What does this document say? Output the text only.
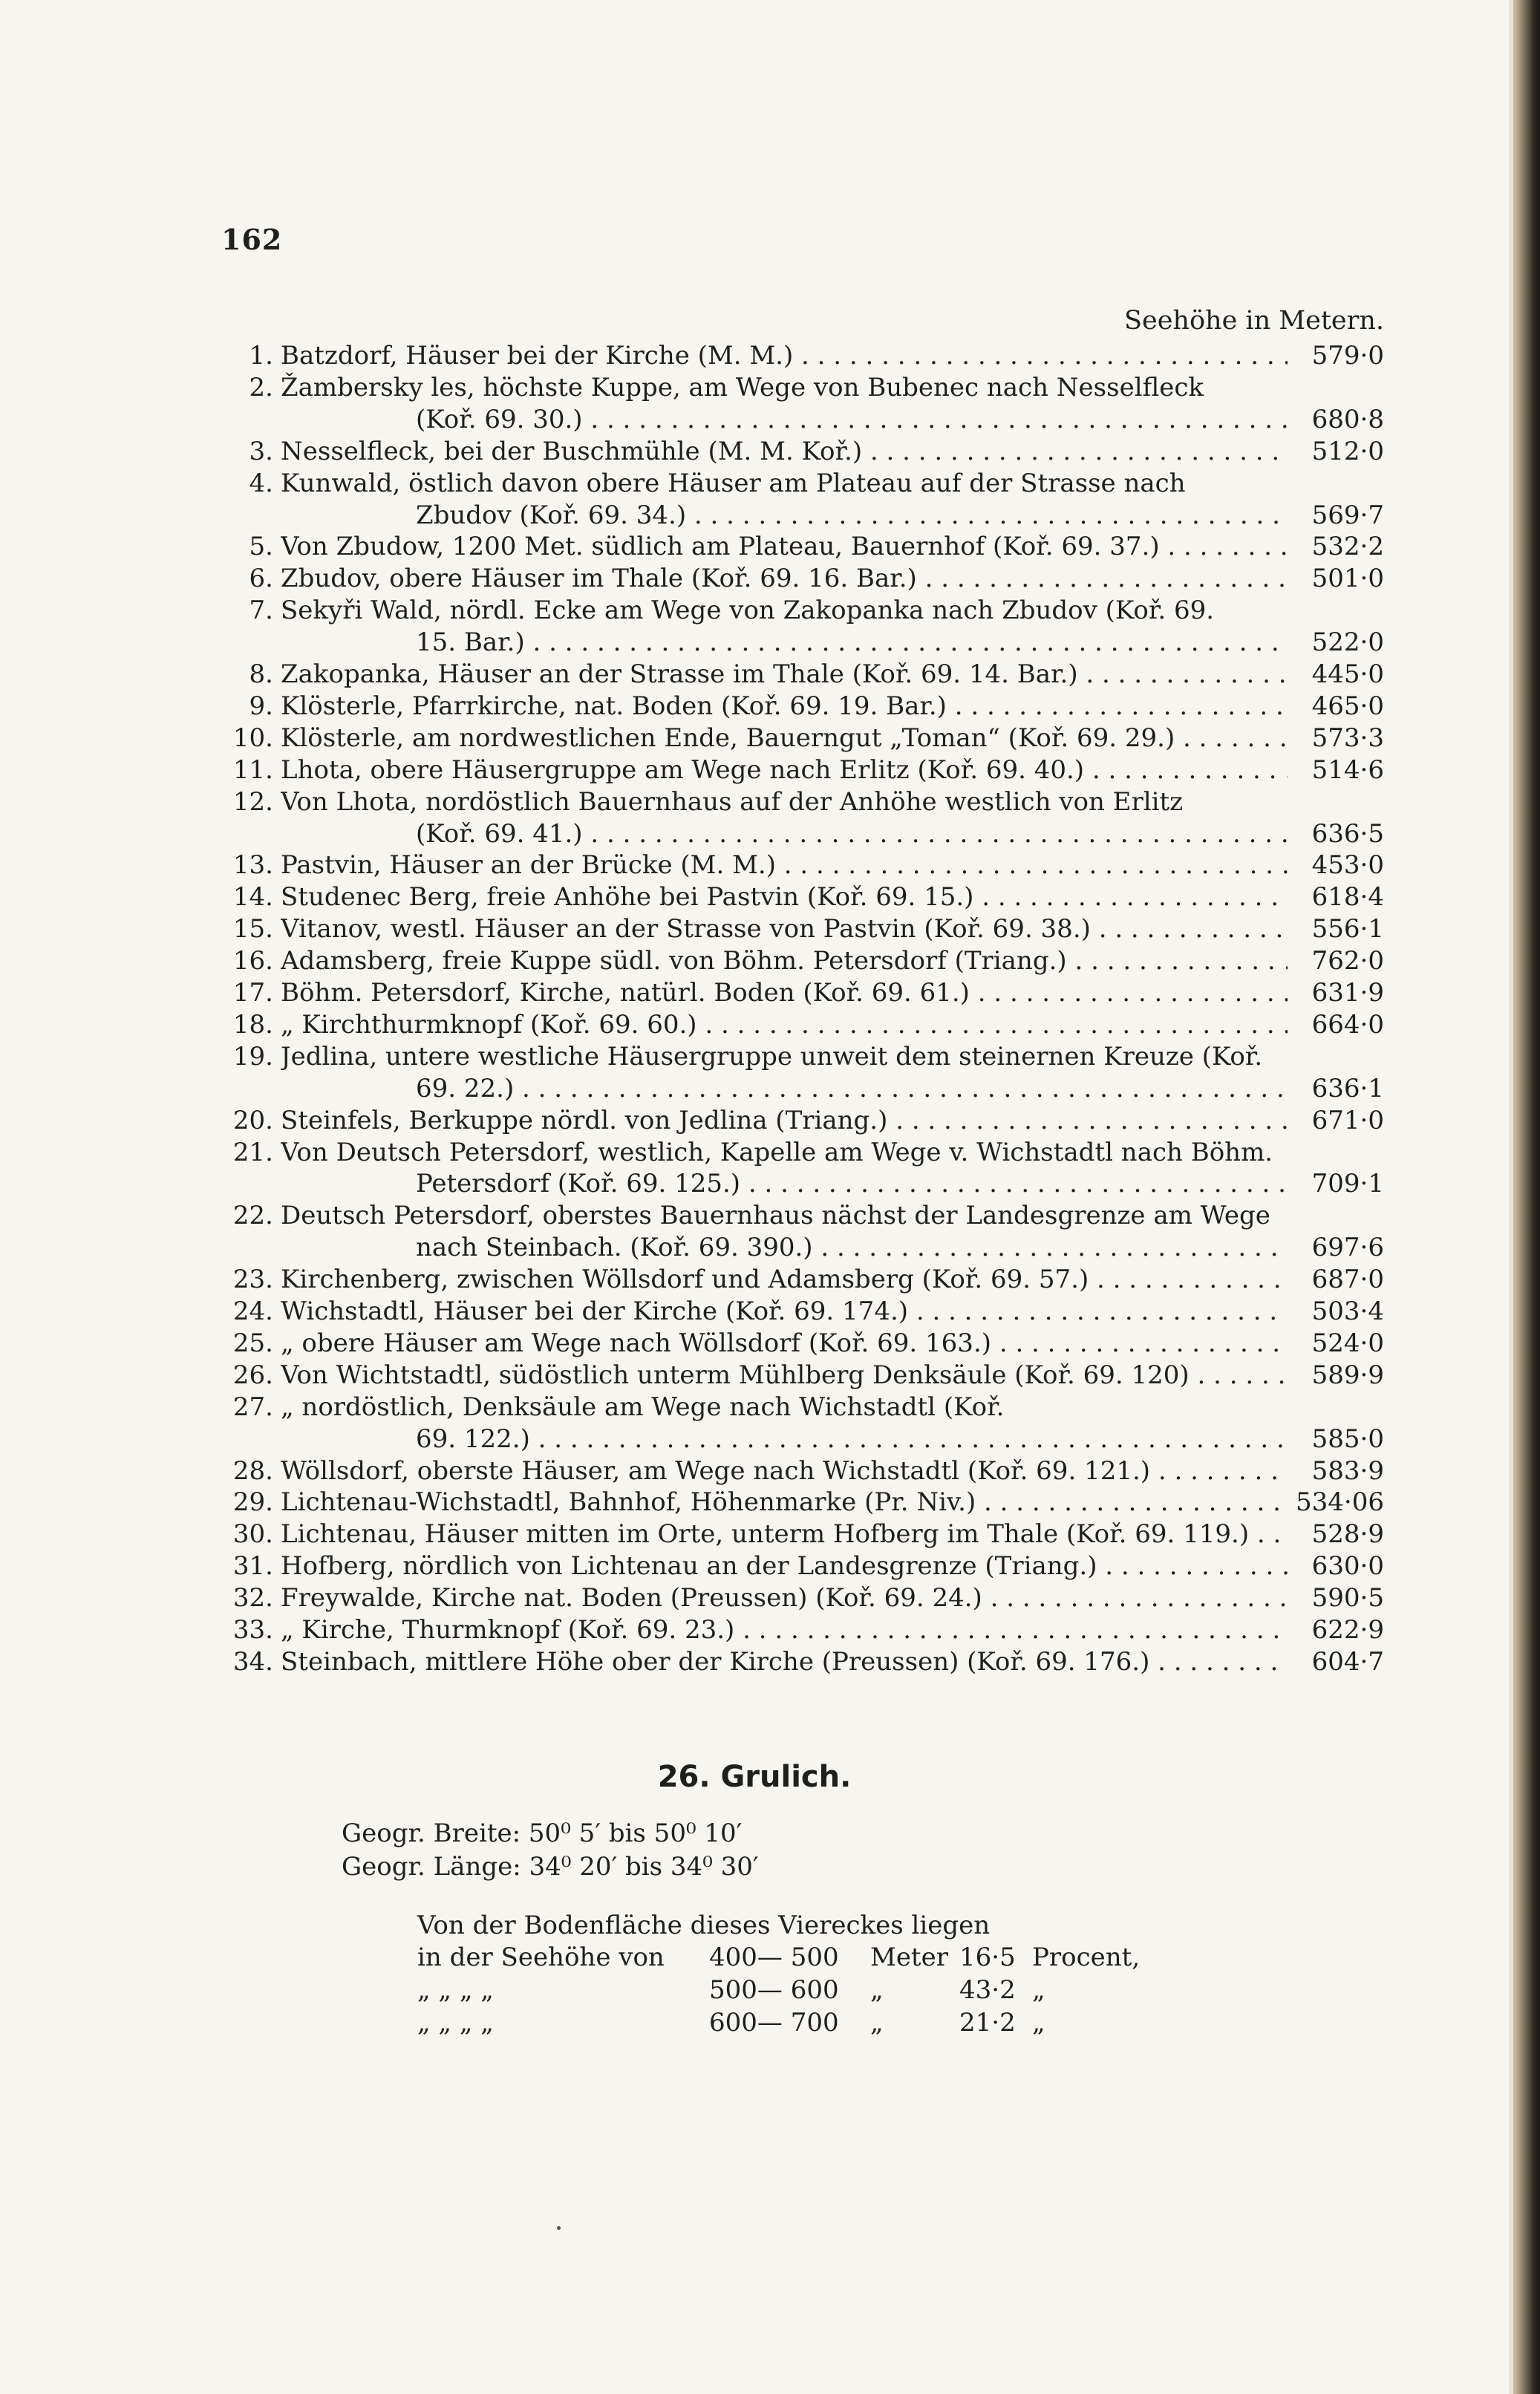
162
Seehöhe in Metern.
1. Batzdorf, Häuser bei der Kirche (M. M.) . . .	579·0
2. Žambersky les, höchste Kuppe, am Wege von Bubenec nach Nesselfleck
(Koř. 69. 30.) . . .	680·8
3. Nesselfleck, bei der Buschmühle (M. M. Koř.) . . .	512·0
4. Kunwald, östlich davon obere Häuser am Plateau auf der Strasse nach
Zbudov (Koř. 69. 34.) . . .	569·7
5. Von Zbudow, 1200 Met. südlich am Plateau, Bauernhof (Koř. 69. 37.) . . .	532·2
6. Zbudov, obere Häuser im Thale (Koř. 69. 16. Bar.) . . .	501·0
7. Sekyři Wald, nördl. Ecke am Wege von Zakopanka nach Zbudov (Koř. 69.
15. Bar.) . . .	522·0
8. Zakopanka, Häuser an der Strasse im Thale (Koř. 69. 14. Bar.) . . .	445·0
9. Klösterle, Pfarrkirche, nat. Boden (Koř. 69. 19. Bar.) . . .	465·0
10. Klösterle, am nordwestlichen Ende, Bauerngut „Toman“ (Koř. 69. 29.) . . .	573·3
11. Lhota, obere Häusergruppe am Wege nach Erlitz (Koř. 69. 40.) . . .	514·6
12. Von Lhota, nordöstlich Bauernhaus auf der Anhöhe westlich von Erlitz
(Koř. 69. 41.) . . .	636·5
13. Pastvin, Häuser an der Brücke (M. M.) . . .	453·0
14. Studenec Berg, freie Anhöhe bei Pastvin (Koř. 69. 15.) . . .	618·4
15. Vitanov, westl. Häuser an der Strasse von Pastvin (Koř. 69. 38.) . . .	556·1
16. Adamsberg, freie Kuppe südl. von Böhm. Petersdorf (Triang.) . . .	762·0
17. Böhm. Petersdorf, Kirche, natürl. Boden (Koř. 69. 61.) . . .	631·9
18. „ Kirchthurmknopf (Koř. 69. 60.) . . .	664·0
19. Jedlina, untere westliche Häusergruppe unweit dem steinernen Kreuze (Koř.
69. 22.) . . .	636·1
20. Steinfels, Berkuppe nördl. von Jedlina (Triang.) . . .	671·0
21. Von Deutsch Petersdorf, westlich, Kapelle am Wege v. Wichstadtl nach Böhm.
Petersdorf (Koř. 69. 125.) . . .	709·1
22. Deutsch Petersdorf, oberstes Bauernhaus nächst der Landesgrenze am Wege
nach Steinbach. (Koř. 69. 390.) . . .	697·6
23. Kirchenberg, zwischen Wöllsdorf und Adamsberg (Koř. 69. 57.) . . .	687·0
24. Wichstadtl, Häuser bei der Kirche (Koř. 69. 174.) . . .	503·4
25. „ obere Häuser am Wege nach Wöllsdorf (Koř. 69. 163.) . . .	524·0
26. Von Wichtstadtl, südöstlich unterm Mühlberg Denksäule (Koř. 69. 120) . . .	589·9
27. „ nordöstlich, Denksäule am Wege nach Wichstadtl (Koř.
69. 122.) . . .	585·0
28. Wöllsdorf, oberste Häuser, am Wege nach Wichstadtl (Koř. 69. 121.) . . .	583·9
29. Lichtenau-Wichstadtl, Bahnhof, Höhenmarke (Pr. Niv.) . . .	534·06
30. Lichtenau, Häuser mitten im Orte, unterm Hofberg im Thale (Koř. 69. 119.) . . .	528·9
31. Hofberg, nördlich von Lichtenau an der Landesgrenze (Triang.) . . .	630·0
32. Freywalde, Kirche nat. Boden (Preussen) (Koř. 69. 24.) . . .	590·5
33. „ Kirche, Thurmknopf (Koř. 69. 23.) . . .	622·9
34. Steinbach, mittlere Höhe ober der Kirche (Preussen) (Koř. 69. 176.) . . .	604·7
26. Grulich.
Geogr. Breite: 50⁰ 5′ bis 50⁰ 10′
Geogr. Länge: 34⁰ 20′ bis 34⁰ 30′
Von der Bodenfläche dieses Viereckes liegen
in der Seehöhe von 400— 500 Meter 16·5 Procent,
„ „ „ „	500— 600 „	43·2 „
„ „ „ „	600— 700 „	21·2 „
